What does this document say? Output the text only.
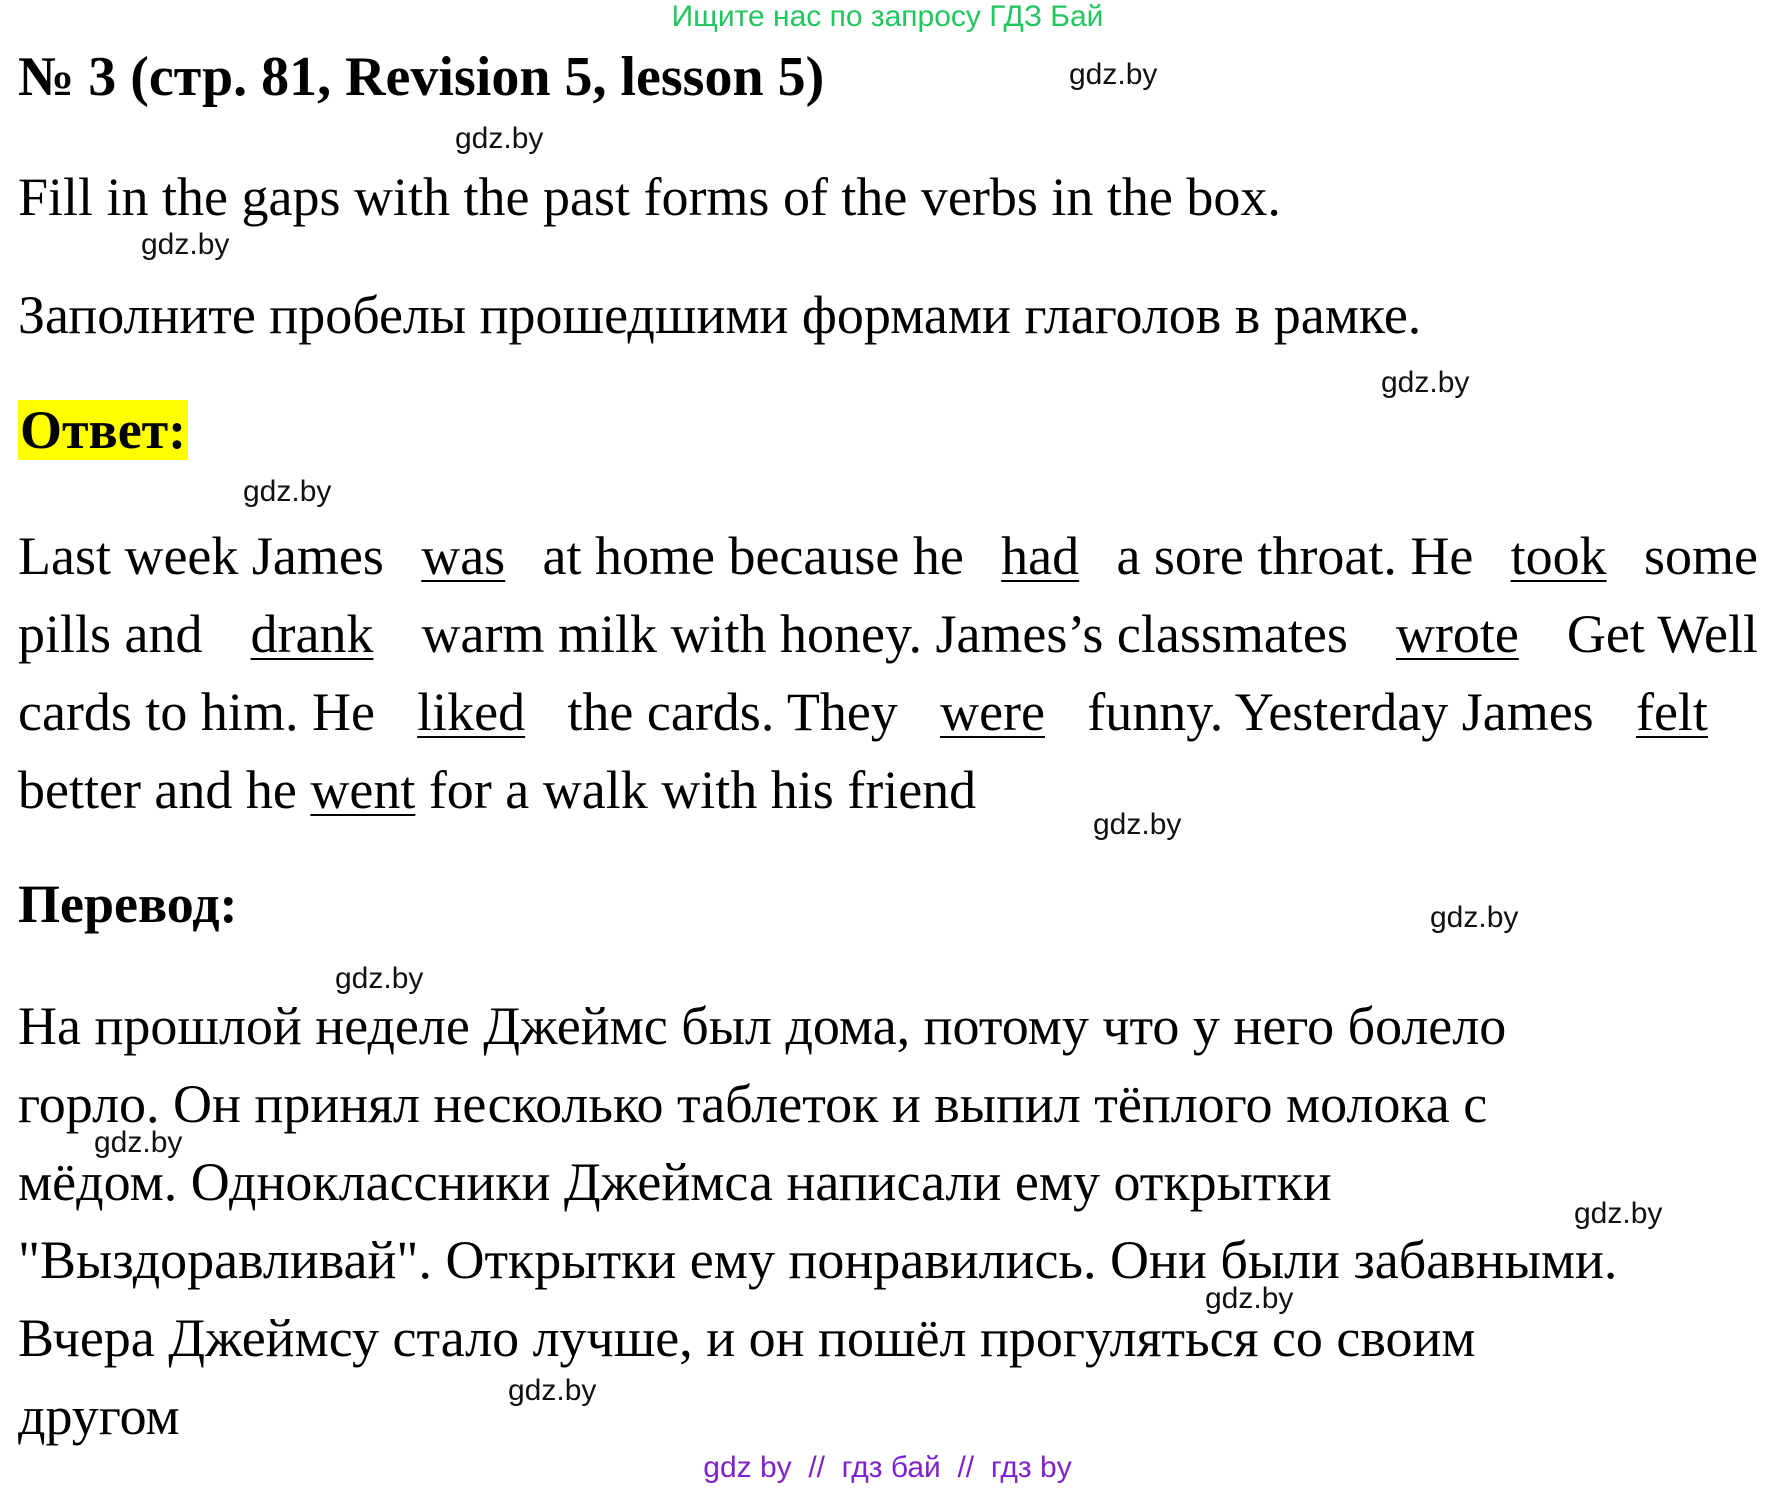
Ищите нас по запросу ГДЗ Бай
№ 3 (стр. 81, Revision 5, lesson 5)
Fill in the gaps with the past forms of the verbs in the box.
Заполните пробелы прошедшими формами глаголов в рамке.
Ответ:
Last week James was at home because he had a sore throat. He took some
pills and drank warm milk with honey. James’s classmates wrote Get Well
cards to him. He liked the cards. They were funny. Yesterday James felt
better and he went for a walk with his friend
Перевод:
На прошлой неделе Джеймс был дома, потому что у него болело
горло. Он принял несколько таблеток и выпил тёплого молока с
мёдом. Одноклассники Джеймса написали ему открытки
"Выздоравливай". Открытки ему понравились. Они были забавными.
Вчера Джеймсу стало лучше, и он пошёл прогуляться со своим
другом
gdz.by
gdz.by
gdz.by
gdz.by
gdz.by
gdz.by
gdz.by
gdz.by
gdz.by
gdz.by
gdz.by
gdz.by
gdz by  //  гдз бай  //  гдз by
